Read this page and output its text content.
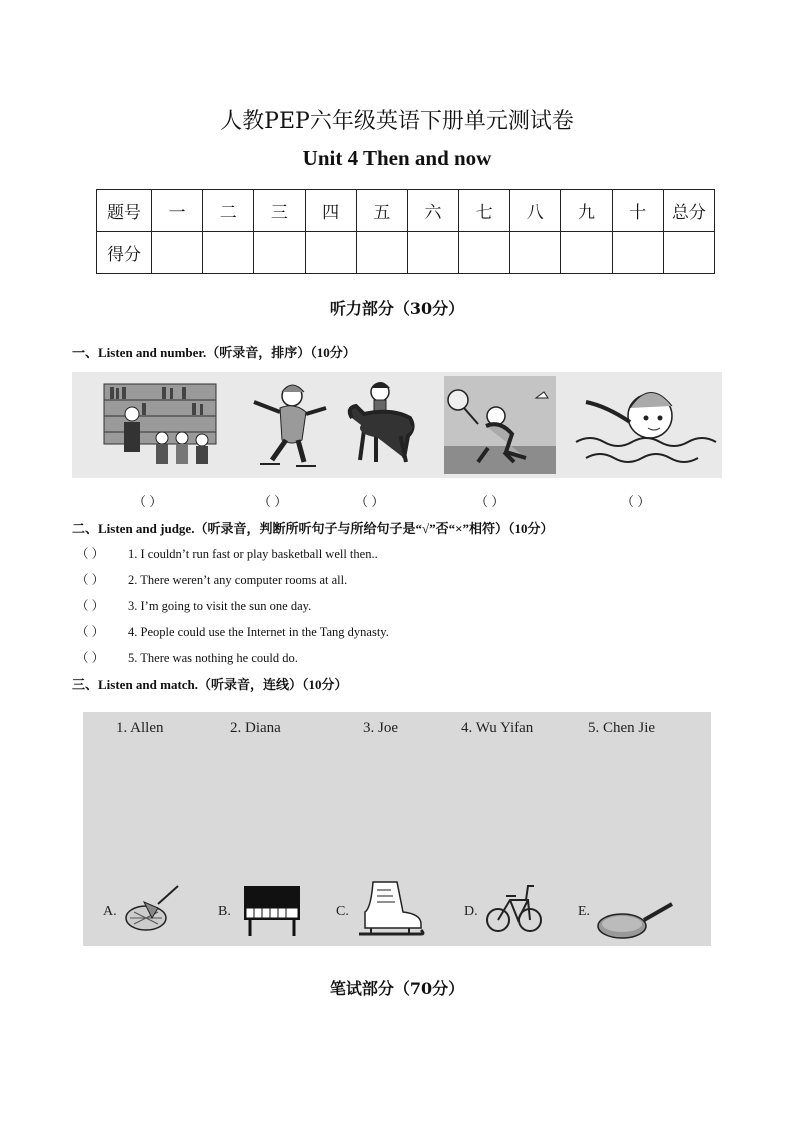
人教PEP六年级英语下册单元测试卷
Unit 4 Then and now
题号	一	二	三	四	五	六	七	八	九	十	总分
得分											
听力部分（30分）
一、Listen and number.（听录音，排序）（10分）
（ ）	（ ）	（ ）	（ ）	（ ）
二、Listen and judge.（听录音，判断所听句子与所给句子是“√”否“×”相符）（10分）
（ ） 1. I couldn’t run fast or play basketball well then..
（ ） 2. There weren’t any computer rooms at all.
（ ） 3. I’m going to visit the sun one day.
（ ） 4. People could use the Internet in the Tang dynasty.
（ ） 5. There was nothing he could do.
三、Listen and match.（听录音，连线）（10分）
1. Allen	2. Diana	3. Joe	4. Wu Yifan	5. Chen Jie
A.	B.	C.	D.	E.
笔试部分（70分）
